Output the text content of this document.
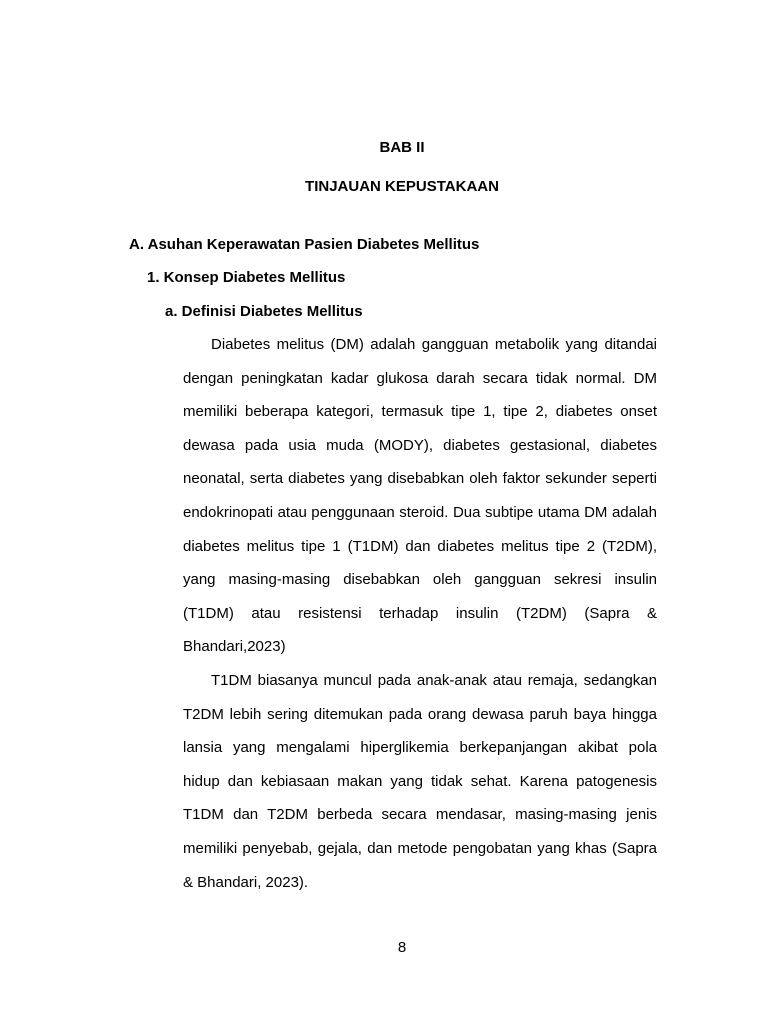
BAB II
TINJAUAN KEPUSTAKAAN
A. Asuhan Keperawatan Pasien Diabetes Mellitus
1. Konsep Diabetes Mellitus
a. Definisi Diabetes Mellitus

Diabetes melitus (DM) adalah gangguan metabolik yang ditandai dengan peningkatan kadar glukosa darah secara tidak normal. DM memiliki beberapa kategori, termasuk tipe 1, tipe 2, diabetes onset dewasa pada usia muda (MODY), diabetes gestasional, diabetes neonatal, serta diabetes yang disebabkan oleh faktor sekunder seperti endokrinopati atau penggunaan steroid. Dua subtipe utama DM adalah diabetes melitus tipe 1 (T1DM) dan diabetes melitus tipe 2 (T2DM), yang masing-masing disebabkan oleh gangguan sekresi insulin (T1DM) atau resistensi terhadap insulin (T2DM) (Sapra & Bhandari,2023)

T1DM biasanya muncul pada anak-anak atau remaja, sedangkan T2DM lebih sering ditemukan pada orang dewasa paruh baya hingga lansia yang mengalami hiperglikemia berkepanjangan akibat pola hidup dan kebiasaan makan yang tidak sehat. Karena patogenesis T1DM dan T2DM berbeda secara mendasar, masing-masing jenis memiliki penyebab, gejala, dan metode pengobatan yang khas (Sapra & Bhandari, 2023).

8
